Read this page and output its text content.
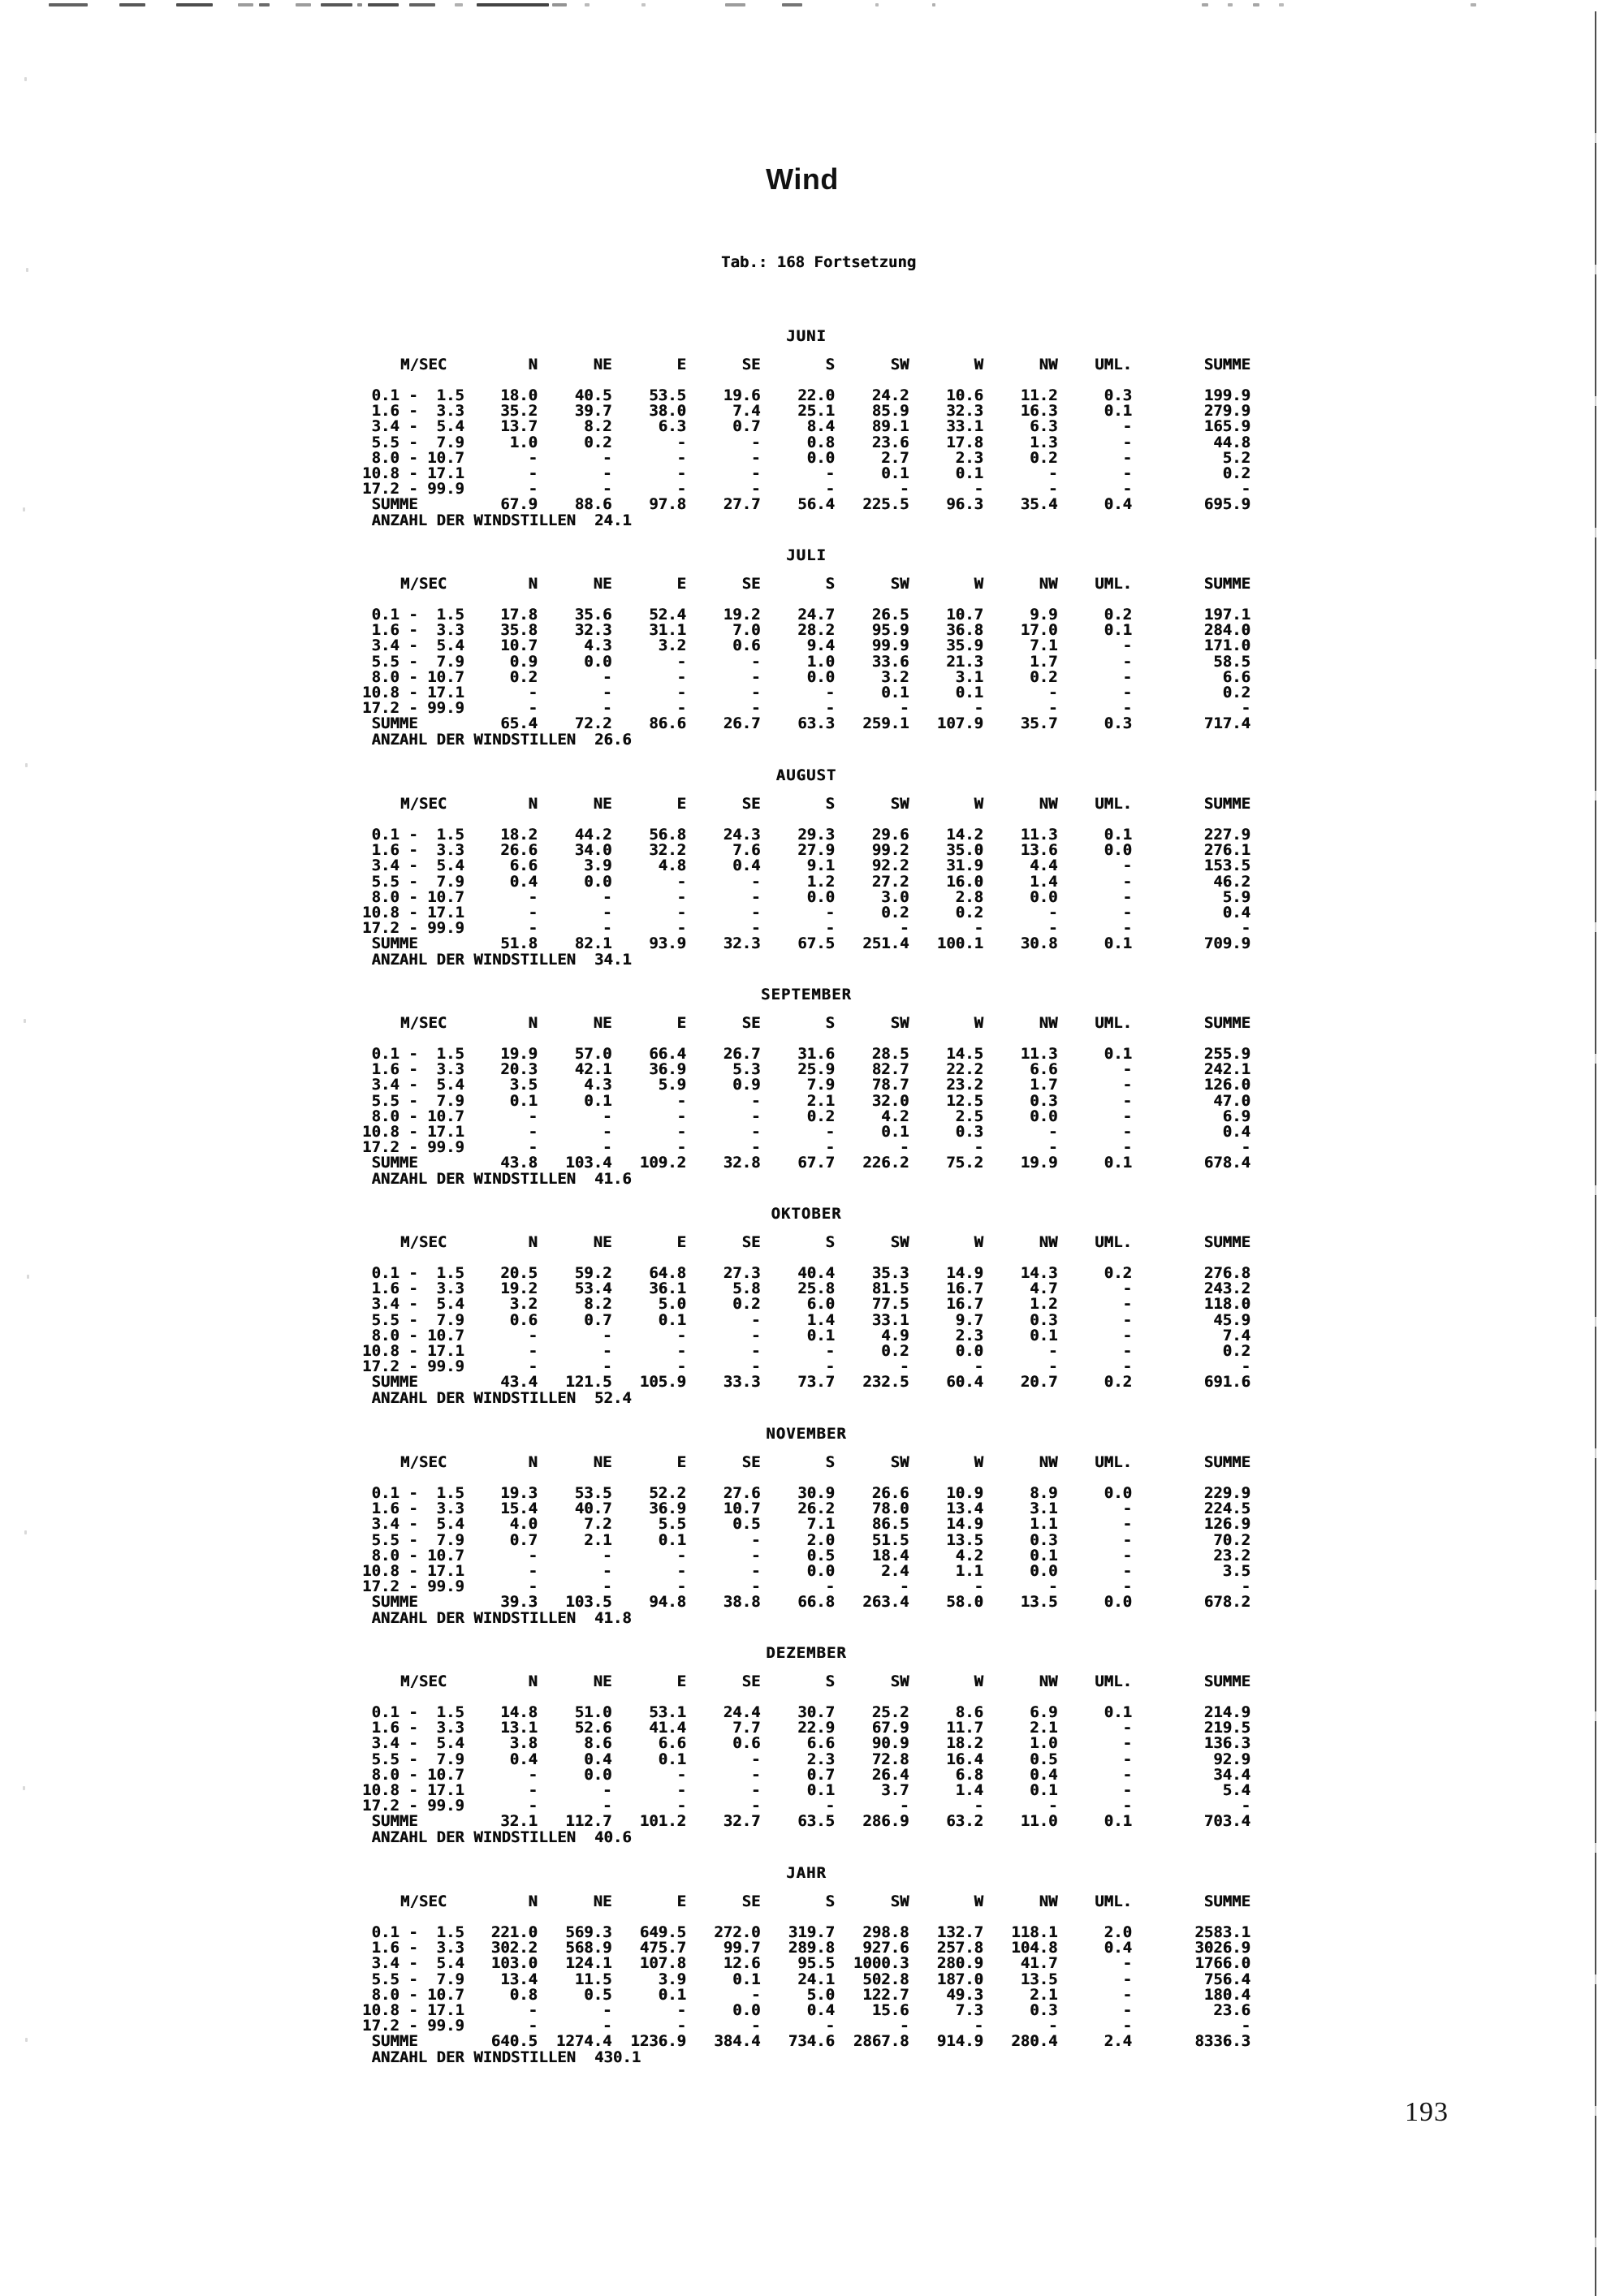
Wind
Tab.: 168 Fortsetzung
JUNI
M/SEC	N	NE	E	SE	S	SW	W	NW	UML.	SUMME
0.1 -  1.5	18.0	40.5	53.5	19.6	22.0	24.2	10.6	11.2	0.3	199.9
1.6 -  3.3	35.2	39.7	38.0	7.4	25.1	85.9	32.3	16.3	0.1	279.9
3.4 -  5.4	13.7	8.2	6.3	0.7	8.4	89.1	33.1	6.3	-	165.9
5.5 -  7.9	1.0	0.2	-	-	0.8	23.6	17.8	1.3	-	44.8
8.0 - 10.7	-	-	-	-	0.0	2.7	2.3	0.2	-	5.2
10.8 - 17.1	-	-	-	-	-	0.1	0.1	-	-	0.2
17.2 - 99.9	-	-	-	-	-	-	-	-	-	-
SUMME	67.9	88.6	97.8	27.7	56.4	225.5	96.3	35.4	0.4	695.9
ANZAHL DER WINDSTILLEN  24.1
JULI
M/SEC	N	NE	E	SE	S	SW	W	NW	UML.	SUMME
0.1 -  1.5	17.8	35.6	52.4	19.2	24.7	26.5	10.7	9.9	0.2	197.1
1.6 -  3.3	35.8	32.3	31.1	7.0	28.2	95.9	36.8	17.0	0.1	284.0
3.4 -  5.4	10.7	4.3	3.2	0.6	9.4	99.9	35.9	7.1	-	171.0
5.5 -  7.9	0.9	0.0	-	-	1.0	33.6	21.3	1.7	-	58.5
8.0 - 10.7	0.2	-	-	-	0.0	3.2	3.1	0.2	-	6.6
10.8 - 17.1	-	-	-	-	-	0.1	0.1	-	-	0.2
17.2 - 99.9	-	-	-	-	-	-	-	-	-	-
SUMME	65.4	72.2	86.6	26.7	63.3	259.1	107.9	35.7	0.3	717.4
ANZAHL DER WINDSTILLEN  26.6
AUGUST
M/SEC	N	NE	E	SE	S	SW	W	NW	UML.	SUMME
0.1 -  1.5	18.2	44.2	56.8	24.3	29.3	29.6	14.2	11.3	0.1	227.9
1.6 -  3.3	26.6	34.0	32.2	7.6	27.9	99.2	35.0	13.6	0.0	276.1
3.4 -  5.4	6.6	3.9	4.8	0.4	9.1	92.2	31.9	4.4	-	153.5
5.5 -  7.9	0.4	0.0	-	-	1.2	27.2	16.0	1.4	-	46.2
8.0 - 10.7	-	-	-	-	0.0	3.0	2.8	0.0	-	5.9
10.8 - 17.1	-	-	-	-	-	0.2	0.2	-	-	0.4
17.2 - 99.9	-	-	-	-	-	-	-	-	-	-
SUMME	51.8	82.1	93.9	32.3	67.5	251.4	100.1	30.8	0.1	709.9
ANZAHL DER WINDSTILLEN  34.1
SEPTEMBER
M/SEC	N	NE	E	SE	S	SW	W	NW	UML.	SUMME
0.1 -  1.5	19.9	57.0	66.4	26.7	31.6	28.5	14.5	11.3	0.1	255.9
1.6 -  3.3	20.3	42.1	36.9	5.3	25.9	82.7	22.2	6.6	-	242.1
3.4 -  5.4	3.5	4.3	5.9	0.9	7.9	78.7	23.2	1.7	-	126.0
5.5 -  7.9	0.1	0.1	-	-	2.1	32.0	12.5	0.3	-	47.0
8.0 - 10.7	-	-	-	-	0.2	4.2	2.5	0.0	-	6.9
10.8 - 17.1	-	-	-	-	-	0.1	0.3	-	-	0.4
17.2 - 99.9	-	-	-	-	-	-	-	-	-	-
SUMME	43.8	103.4	109.2	32.8	67.7	226.2	75.2	19.9	0.1	678.4
ANZAHL DER WINDSTILLEN  41.6
OKTOBER
M/SEC	N	NE	E	SE	S	SW	W	NW	UML.	SUMME
0.1 -  1.5	20.5	59.2	64.8	27.3	40.4	35.3	14.9	14.3	0.2	276.8
1.6 -  3.3	19.2	53.4	36.1	5.8	25.8	81.5	16.7	4.7	-	243.2
3.4 -  5.4	3.2	8.2	5.0	0.2	6.0	77.5	16.7	1.2	-	118.0
5.5 -  7.9	0.6	0.7	0.1	-	1.4	33.1	9.7	0.3	-	45.9
8.0 - 10.7	-	-	-	-	0.1	4.9	2.3	0.1	-	7.4
10.8 - 17.1	-	-	-	-	-	0.2	0.0	-	-	0.2
17.2 - 99.9	-	-	-	-	-	-	-	-	-	-
SUMME	43.4	121.5	105.9	33.3	73.7	232.5	60.4	20.7	0.2	691.6
ANZAHL DER WINDSTILLEN  52.4
NOVEMBER
M/SEC	N	NE	E	SE	S	SW	W	NW	UML.	SUMME
0.1 -  1.5	19.3	53.5	52.2	27.6	30.9	26.6	10.9	8.9	0.0	229.9
1.6 -  3.3	15.4	40.7	36.9	10.7	26.2	78.0	13.4	3.1	-	224.5
3.4 -  5.4	4.0	7.2	5.5	0.5	7.1	86.5	14.9	1.1	-	126.9
5.5 -  7.9	0.7	2.1	0.1	-	2.0	51.5	13.5	0.3	-	70.2
8.0 - 10.7	-	-	-	-	0.5	18.4	4.2	0.1	-	23.2
10.8 - 17.1	-	-	-	-	0.0	2.4	1.1	0.0	-	3.5
17.2 - 99.9	-	-	-	-	-	-	-	-	-	-
SUMME	39.3	103.5	94.8	38.8	66.8	263.4	58.0	13.5	0.0	678.2
ANZAHL DER WINDSTILLEN  41.8
DEZEMBER
M/SEC	N	NE	E	SE	S	SW	W	NW	UML.	SUMME
0.1 -  1.5	14.8	51.0	53.1	24.4	30.7	25.2	8.6	6.9	0.1	214.9
1.6 -  3.3	13.1	52.6	41.4	7.7	22.9	67.9	11.7	2.1	-	219.5
3.4 -  5.4	3.8	8.6	6.6	0.6	6.6	90.9	18.2	1.0	-	136.3
5.5 -  7.9	0.4	0.4	0.1	-	2.3	72.8	16.4	0.5	-	92.9
8.0 - 10.7	-	0.0	-	-	0.7	26.4	6.8	0.4	-	34.4
10.8 - 17.1	-	-	-	-	0.1	3.7	1.4	0.1	-	5.4
17.2 - 99.9	-	-	-	-	-	-	-	-	-	-
SUMME	32.1	112.7	101.2	32.7	63.5	286.9	63.2	11.0	0.1	703.4
ANZAHL DER WINDSTILLEN  40.6
JAHR
M/SEC	N	NE	E	SE	S	SW	W	NW	UML.	SUMME
0.1 -  1.5	221.0	569.3	649.5	272.0	319.7	298.8	132.7	118.1	2.0	2583.1
1.6 -  3.3	302.2	568.9	475.7	99.7	289.8	927.6	257.8	104.8	0.4	3026.9
3.4 -  5.4	103.0	124.1	107.8	12.6	95.5	1000.3	280.9	41.7	-	1766.0
5.5 -  7.9	13.4	11.5	3.9	0.1	24.1	502.8	187.0	13.5	-	756.4
8.0 - 10.7	0.8	0.5	0.1	-	5.0	122.7	49.3	2.1	-	180.4
10.8 - 17.1	-	-	-	0.0	0.4	15.6	7.3	0.3	-	23.6
17.2 - 99.9	-	-	-	-	-	-	-	-	-	-
SUMME	640.5	1274.4	1236.9	384.4	734.6	2867.8	914.9	280.4	2.4	8336.3
ANZAHL DER WINDSTILLEN  430.1
193
